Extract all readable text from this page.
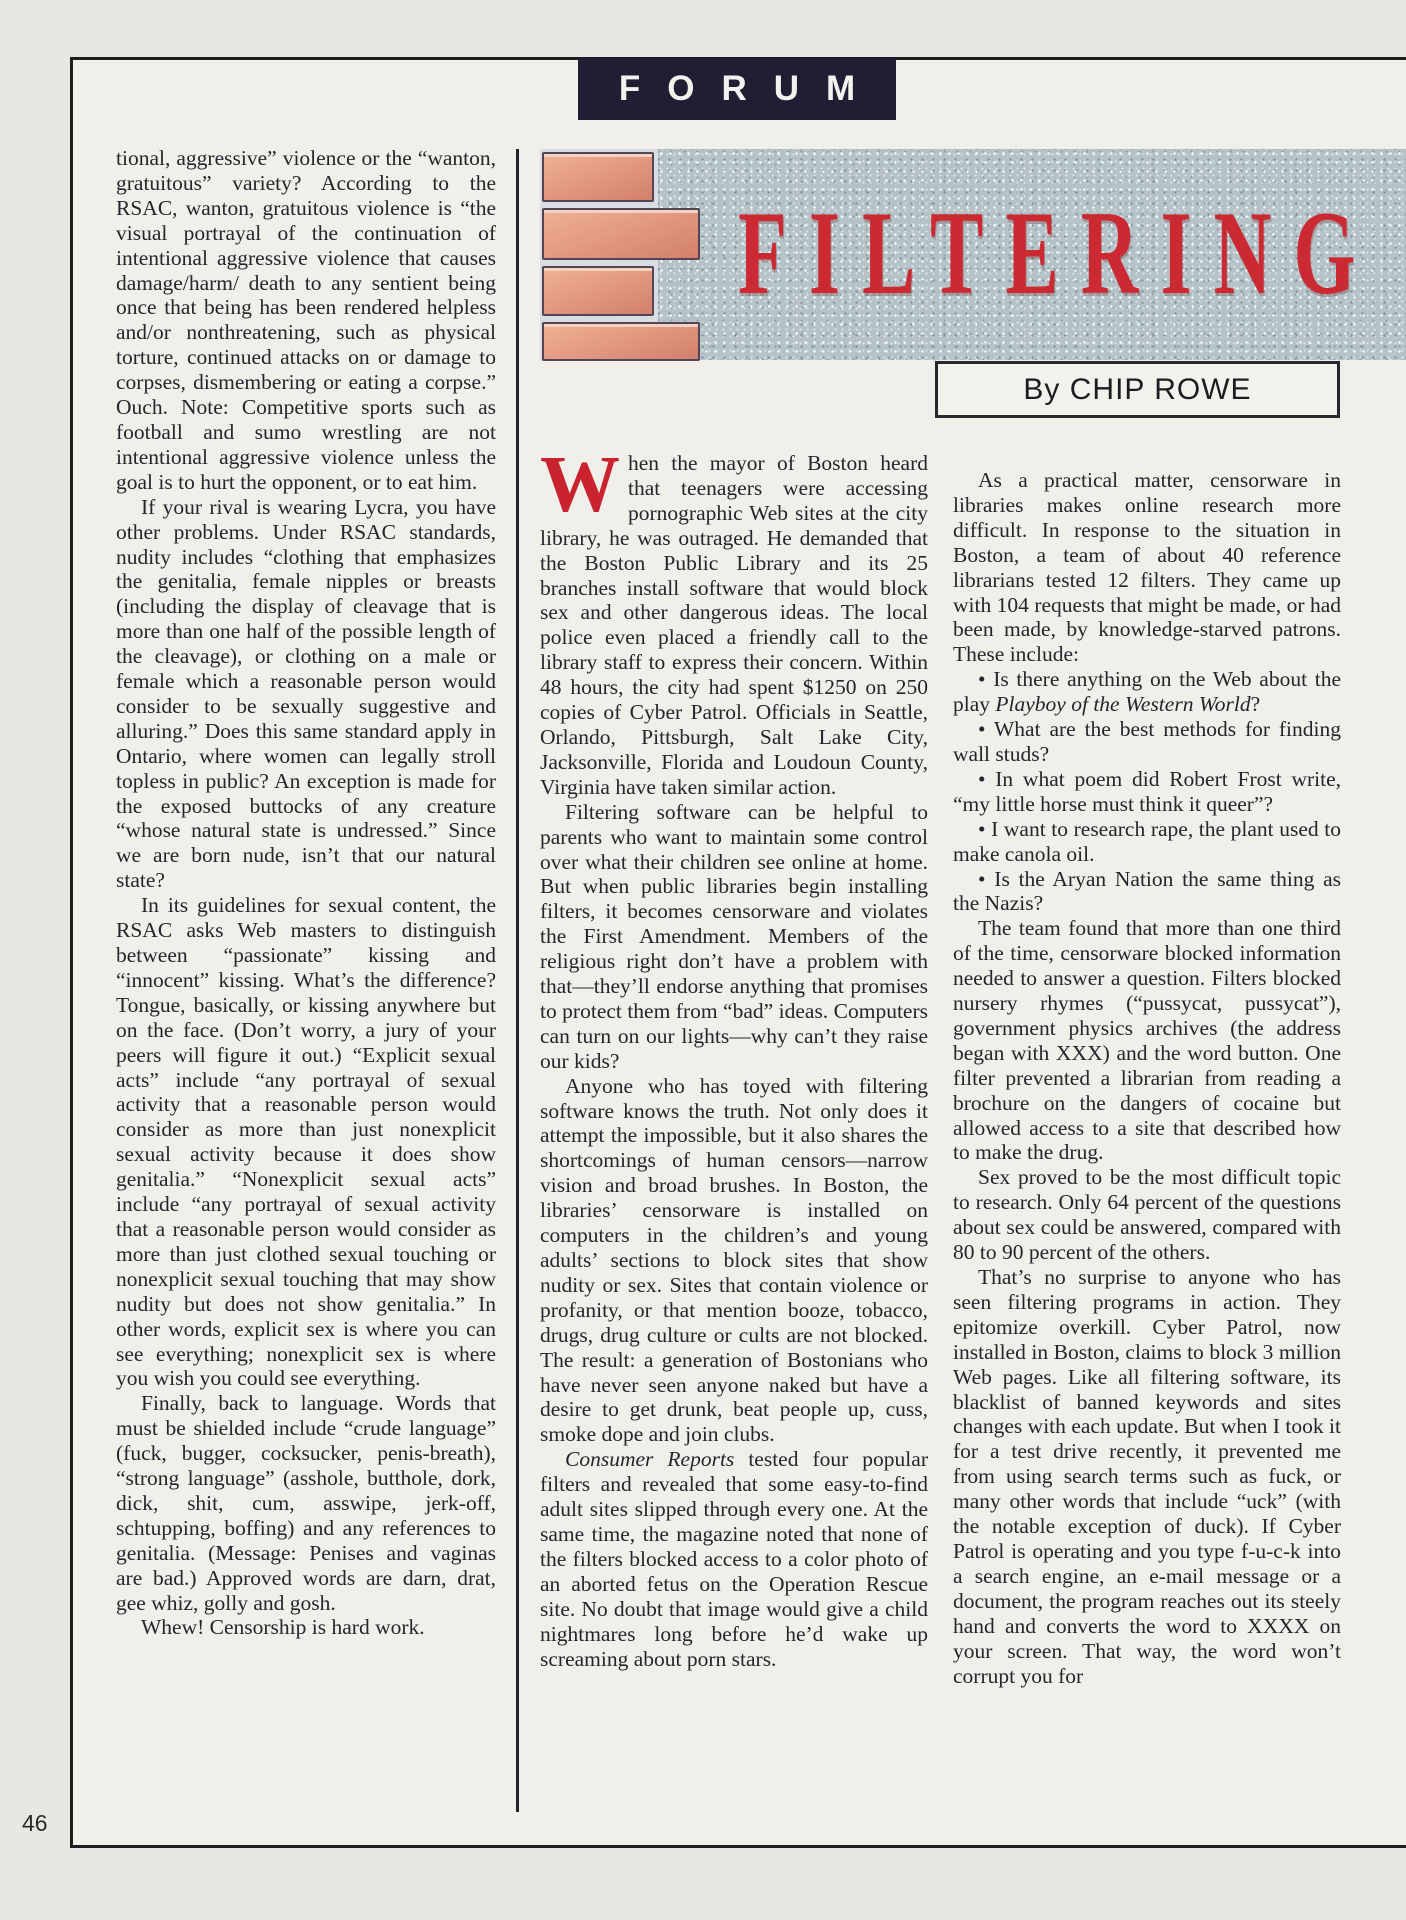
46
FORUM
FILTERING
By CHIP ROWE

tional, aggressive” violence or the “wanton, gratuitous” variety? According to the RSAC, wanton, gratuitous violence is “the visual portrayal of the continuation of intentional aggressive violence that causes damage/harm/ death to any sentient being once that being has been rendered helpless and/or nonthreatening, such as physical torture, continued attacks on or damage to corpses, dismembering or eating a corpse.” Ouch. Note: Competitive sports such as football and sumo wrestling are not intentional aggressive violence unless the goal is to hurt the opponent, or to eat him.

If your rival is wearing Lycra, you have other problems. Under RSAC standards, nudity includes “clothing that emphasizes the genitalia, female nipples or breasts (including the display of cleavage that is more than one half of the possible length of the cleavage), or clothing on a male or female which a reasonable person would consider to be sexually suggestive and alluring.” Does this same standard apply in Ontario, where women can legally stroll topless in public? An exception is made for the exposed buttocks of any creature “whose natural state is undressed.” Since we are born nude, isn’t that our natural state?

In its guidelines for sexual content, the RSAC asks Web masters to distinguish between “passionate” kissing and “innocent” kissing. What’s the difference? Tongue, basically, or kissing anywhere but on the face. (Don’t worry, a jury of your peers will figure it out.) “Explicit sexual acts” include “any portrayal of sexual activity that a reasonable person would consider as more than just nonexplicit sexual activity because it does show genitalia.” “Nonexplicit sexual acts” include “any portrayal of sexual activity that a reasonable person would consider as more than just clothed sexual touching or nonexplicit sexual touching that may show nudity but does not show genitalia.” In other words, explicit sex is where you can see everything; nonexplicit sex is where you wish you could see everything.

Finally, back to language. Words that must be shielded include “crude language” (fuck, bugger, cocksucker, penis-breath), “strong language” (asshole, butthole, dork, dick, shit, cum, asswipe, jerk-off, schtupping, boffing) and any references to genitalia. (Message: Penises and vaginas are bad.) Approved words are darn, drat, gee whiz, golly and gosh.

Whew! Censorship is hard work.

When the mayor of Boston heard that teenagers were accessing pornographic Web sites at the city library, he was outraged. He demanded that the Boston Public Library and its 25 branches install software that would block sex and other dangerous ideas. The local police even placed a friendly call to the library staff to express their concern. Within 48 hours, the city had spent $1250 on 250 copies of Cyber Patrol. Officials in Seattle, Orlando, Pittsburgh, Salt Lake City, Jacksonville, Florida and Loudoun County, Virginia have taken similar action.

Filtering software can be helpful to parents who want to maintain some control over what their children see online at home. But when public libraries begin installing filters, it becomes censorware and violates the First Amendment. Members of the religious right don’t have a problem with that—they’ll endorse anything that promises to protect them from “bad” ideas. Computers can turn on our lights—why can’t they raise our kids?

Anyone who has toyed with filtering software knows the truth. Not only does it attempt the impossible, but it also shares the shortcomings of human censors—narrow vision and broad brushes. In Boston, the libraries’ censorware is installed on computers in the children’s and young adults’ sections to block sites that show nudity or sex. Sites that contain violence or profanity, or that mention booze, tobacco, drugs, drug culture or cults are not blocked. The result: a generation of Bostonians who have never seen anyone naked but have a desire to get drunk, beat people up, cuss, smoke dope and join clubs.

Consumer Reports tested four popular filters and revealed that some easy-to-find adult sites slipped through every one. At the same time, the magazine noted that none of the filters blocked access to a color photo of an aborted fetus on the Operation Rescue site. No doubt that image would give a child nightmares long before he’d wake up screaming about porn stars.

As a practical matter, censorware in libraries makes online research more difficult. In response to the situation in Boston, a team of about 40 reference librarians tested 12 filters. They came up with 104 requests that might be made, or had been made, by knowledge-starved patrons. These include:

• Is there anything on the Web about the play Playboy of the Western World?

• What are the best methods for finding wall studs?

• In what poem did Robert Frost write, “my little horse must think it queer”?

• I want to research rape, the plant used to make canola oil.

• Is the Aryan Nation the same thing as the Nazis?

The team found that more than one third of the time, censorware blocked information needed to answer a question. Filters blocked nursery rhymes (“pussycat, pussycat”), government physics archives (the address began with XXX) and the word button. One filter prevented a librarian from reading a brochure on the dangers of cocaine but allowed access to a site that described how to make the drug.

Sex proved to be the most difficult topic to research. Only 64 percent of the questions about sex could be answered, compared with 80 to 90 percent of the others.

That’s no surprise to anyone who has seen filtering programs in action. They epitomize overkill. Cyber Patrol, now installed in Boston, claims to block 3 million Web pages. Like all filtering software, its blacklist of banned keywords and sites changes with each update. But when I took it for a test drive recently, it prevented me from using search terms such as fuck, or many other words that include “uck” (with the notable exception of duck). If Cyber Patrol is operating and you type f-u-c-k into a search engine, an e-mail message or a document, the program reaches out its steely hand and converts the word to XXXX on your screen. That way, the word won’t corrupt you for
